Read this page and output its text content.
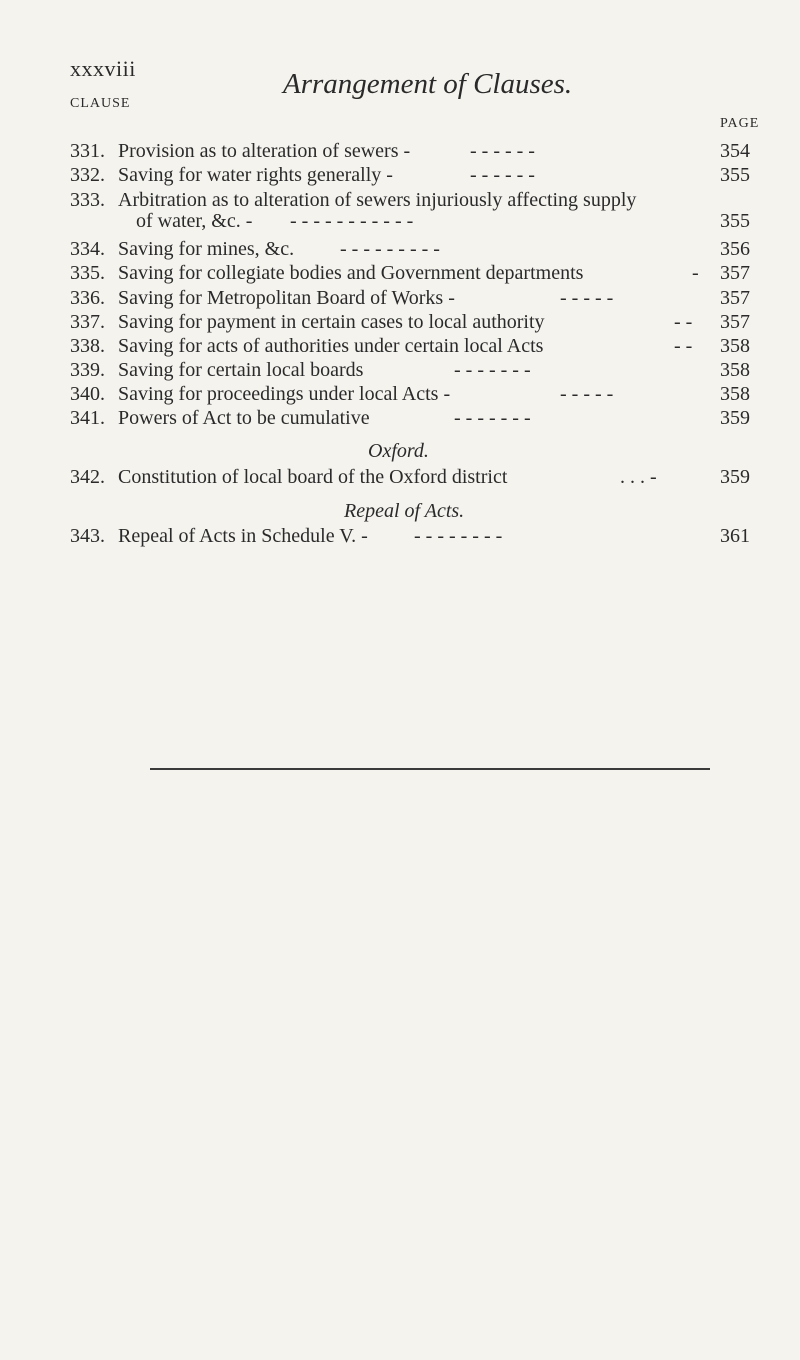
xxxviii	Arrangement of Clauses.
CLAUSE
PAGE
331. Provision as to alteration of sewers -	- - - - - -	354
332. Saving for water rights generally -	- - - - - -	355
333. Arbitration as to alteration of sewers injuriously affecting supply
of water, &c. - - - - - - - - - - - -	355
334. Saving for mines, &c. - - - - - - - - -	356
335. Saving for collegiate bodies and Government departments	- 357
336. Saving for Metropolitan Board of Works -	- - - - -	357
337. Saving for payment in certain cases to local authority	- - 357
338. Saving for acts of authorities under certain local Acts	- - 358
339. Saving for certain local boards	- - - - - - -	358
340. Saving for proceedings under local Acts -	- - - - -	358
341. Powers of Act to be cumulative	- - - - - - -	359
Oxford.
342. Constitution of local board of the Oxford district	. . . -	359
Repeal of Acts.
343. Repeal of Acts in Schedule V. - - - - - - - - -	361
